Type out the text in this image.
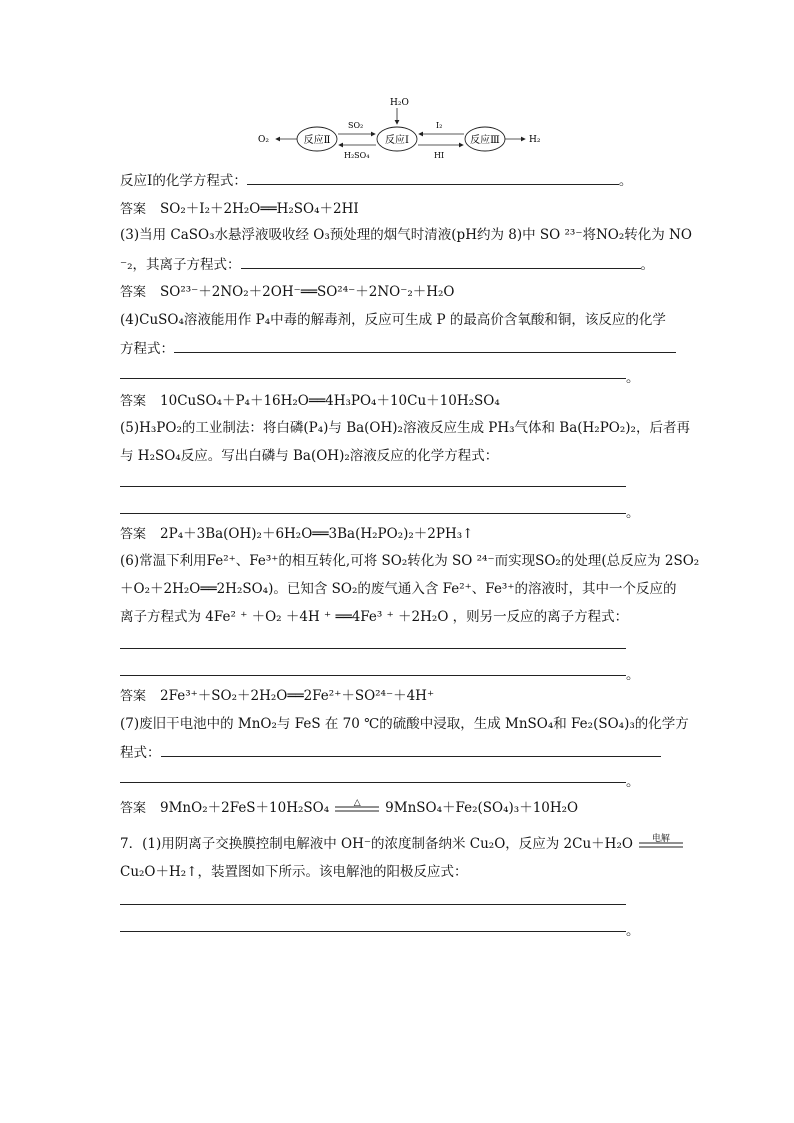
H₂O
反应Ⅰ
反应Ⅱ	反应Ⅲ
O₂	H₂
SO₂
H₂SO₄
I₂
HI
反应Ⅰ的化学方程式：	。
答案 SO₂＋I₂＋2H₂O══H₂SO₄＋2HI
(3)当用 CaSO₃水悬浮液吸收经 O₃预处理的烟气时清液(pH约为 8)中 SO ²³⁻将NO₂转化为 NO
⁻₂，其离子方程式：	。
答案 SO²³⁻＋2NO₂＋2OH⁻══SO²⁴⁻＋2NO⁻₂＋H₂O
(4)CuSO₄溶液能用作 P₄中毒的解毒剂，反应可生成 P 的最高价含氧酸和铜，该反应的化学
方程式：
。
答案 10CuSO₄＋P₄＋16H₂O══4H₃PO₄＋10Cu＋10H₂SO₄
(5)H₃PO₂的工业制法：将白磷(P₄)与 Ba(OH)₂溶液反应生成 PH₃气体和 Ba(H₂PO₂)₂，后者再
与 H₂SO₄反应。写出白磷与 Ba(OH)₂溶液反应的化学方程式：
。
答案 2P₄＋3Ba(OH)₂＋6H₂O══3Ba(H₂PO₂)₂＋2PH₃↑
(6)常温下利用Fe²⁺、Fe³⁺的相互转化,可将 SO₂转化为 SO ²⁴⁻而实现SO₂的处理(总反应为 2SO₂
＋O₂＋2H₂O══2H₂SO₄)。已知含 SO₂的废气通入含 Fe²⁺、Fe³⁺的溶液时，其中一个反应的
离子方程式为 4Fe² ⁺ ＋O₂ ＋4H ⁺ ══4Fe³ ⁺ ＋2H₂O ，则另一反应的离子方程式：
。
答案 2Fe³⁺＋SO₂＋2H₂O══2Fe²⁺＋SO²⁴⁻＋4H⁺
(7)废旧干电池中的 MnO₂与 FeS 在 70 ℃的硫酸中浸取，生成 MnSO₄和 Fe₂(SO₄)₃的化学方
程式：
。
答案 9MnO₂＋2FeS＋10H₂SO₄	△	9MnSO₄＋Fe₂(SO₄)₃＋10H₂O
7．(1)用阴离子交换膜控制电解液中 OH⁻的浓度制备纳米 Cu₂O，反应为 2Cu＋H₂O	电解
Cu₂O＋H₂↑，装置图如下所示。该电解池的阳极反应式：
。
